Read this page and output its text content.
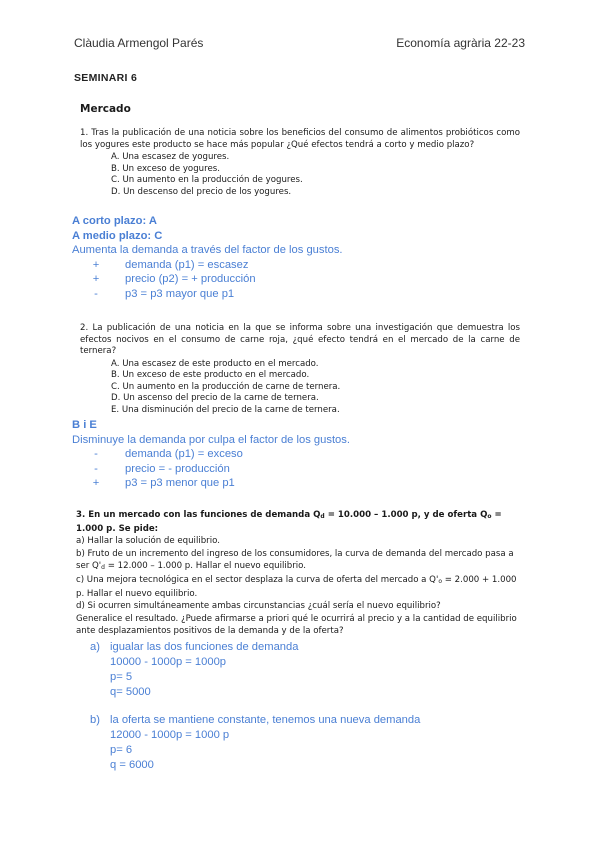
Clàudia Armengol Parés	Economía agrària 22-23
SEMINARI 6
Mercado

1. Tras la publicación de una noticia sobre los beneficios del consumo de alimentos probióticos como los yogures este producto se hace más popular ¿Qué efectos tendrá a corto y medio plazo?

A. Una escasez de yogures.
B. Un exceso de yogures.
C. Un aumento en la producción de yogures.
D. Un descenso del precio de los yogures.
A corto plazo: A
A medio plazo: C
Aumenta la demanda a través del factor de los gustos.
+ demanda (p1) = escasez
+ precio (p2) = + producción
-	p3 = p3 mayor que p1

2. La publicación de una noticia en la que se informa sobre una investigación que demuestra los efectos nocivos en el consumo de carne roja, ¿qué efecto tendrá en el mercado de la carne de ternera?

A. Una escasez de este producto en el mercado.
B. Un exceso de este producto en el mercado.
C. Un aumento en la producción de carne de ternera.
D. Un ascenso del precio de la carne de ternera.
E. Una disminución del precio de la carne de ternera.
B i E
Disminuye la demanda por culpa el factor de los gustos.
-	demanda (p1) = exceso
-	precio = - producción
+ p3 = p3 menor que p1

3. En un mercado con las funciones de demanda Qd = 10.000 – 1.000 p, y de oferta Qo = 1.000 p. Se pide:

a) Hallar la solución de equilibrio.

b) Fruto de un incremento del ingreso de los consumidores, la curva de demanda del mercado pasa a ser Q'd = 12.000 – 1.000 p. Hallar el nuevo equilibrio.

c) Una mejora tecnológica en el sector desplaza la curva de oferta del mercado a Q'o = 2.000 + 1.000 p. Hallar el nuevo equilibrio.

d) Si ocurren simultáneamente ambas circunstancias ¿cuál sería el nuevo equilibrio?

Generalice el resultado. ¿Puede afirmarse a priori qué le ocurrirá al precio y a la cantidad de equilibrio ante desplazamientos positivos de la demanda y de la oferta?

a) igualar las dos funciones de demanda
10000 - 1000p = 1000p
p= 5
q= 5000
b) la oferta se mantiene constante, tenemos una nueva demanda
12000 - 1000p = 1000 p
p= 6
q = 6000
